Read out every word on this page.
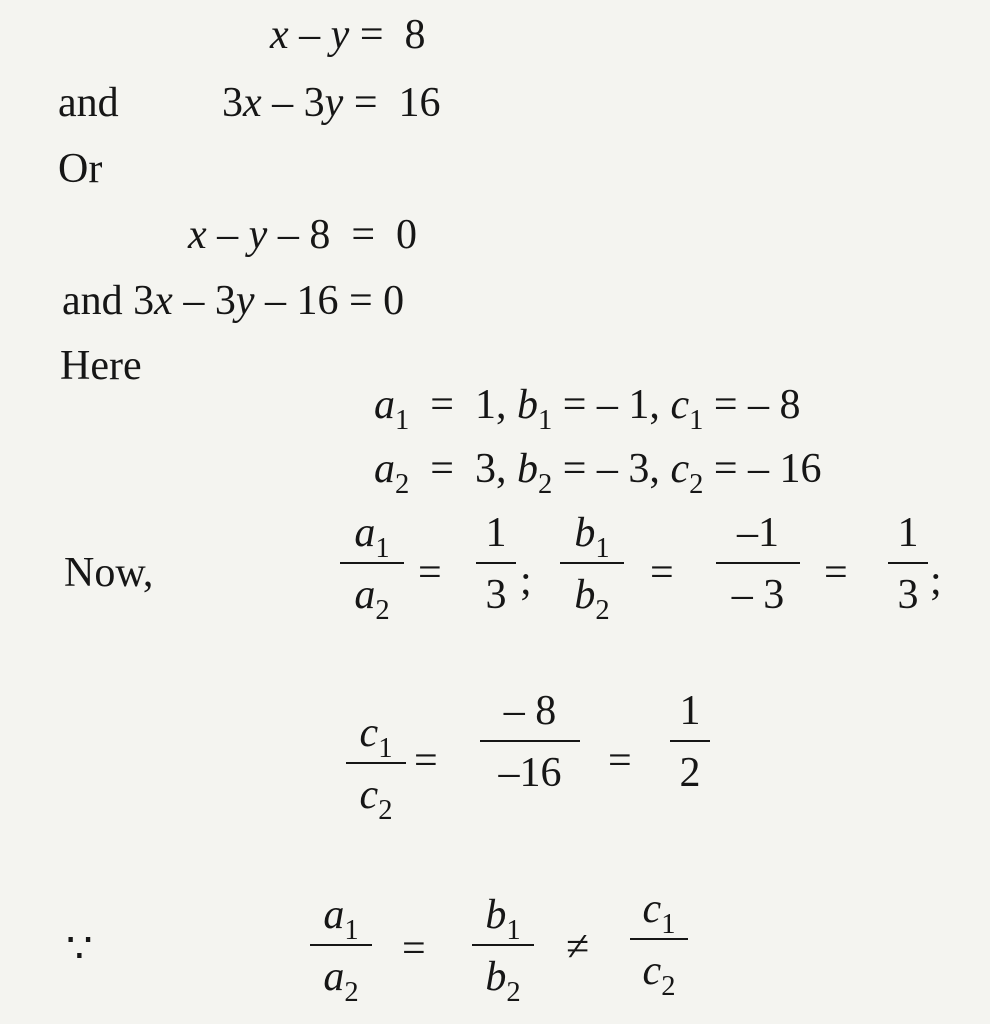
x – y =  8
and 3x – 3y =  16
Or
x – y – 8  =  0
and 3x – 3y – 16 = 0
Here

$a_1 = 1$, $b_1$ = – 1, $c_1$ = – 8

$a_2 = 3$, $b_2$ = – 3, $c_2$ = – 16

Now,
$a_1$
$a_2$
=
1
3 ;
$b_1$
$b_2$
=
–1
– 3 =
1
3 ;
$c_1$
$c_2$
=
– 8
–16	=
1
2
∵
$a_1$
$a_2$
=
$b_1$
$b_2$
≠
$c_1$
$c_2$
